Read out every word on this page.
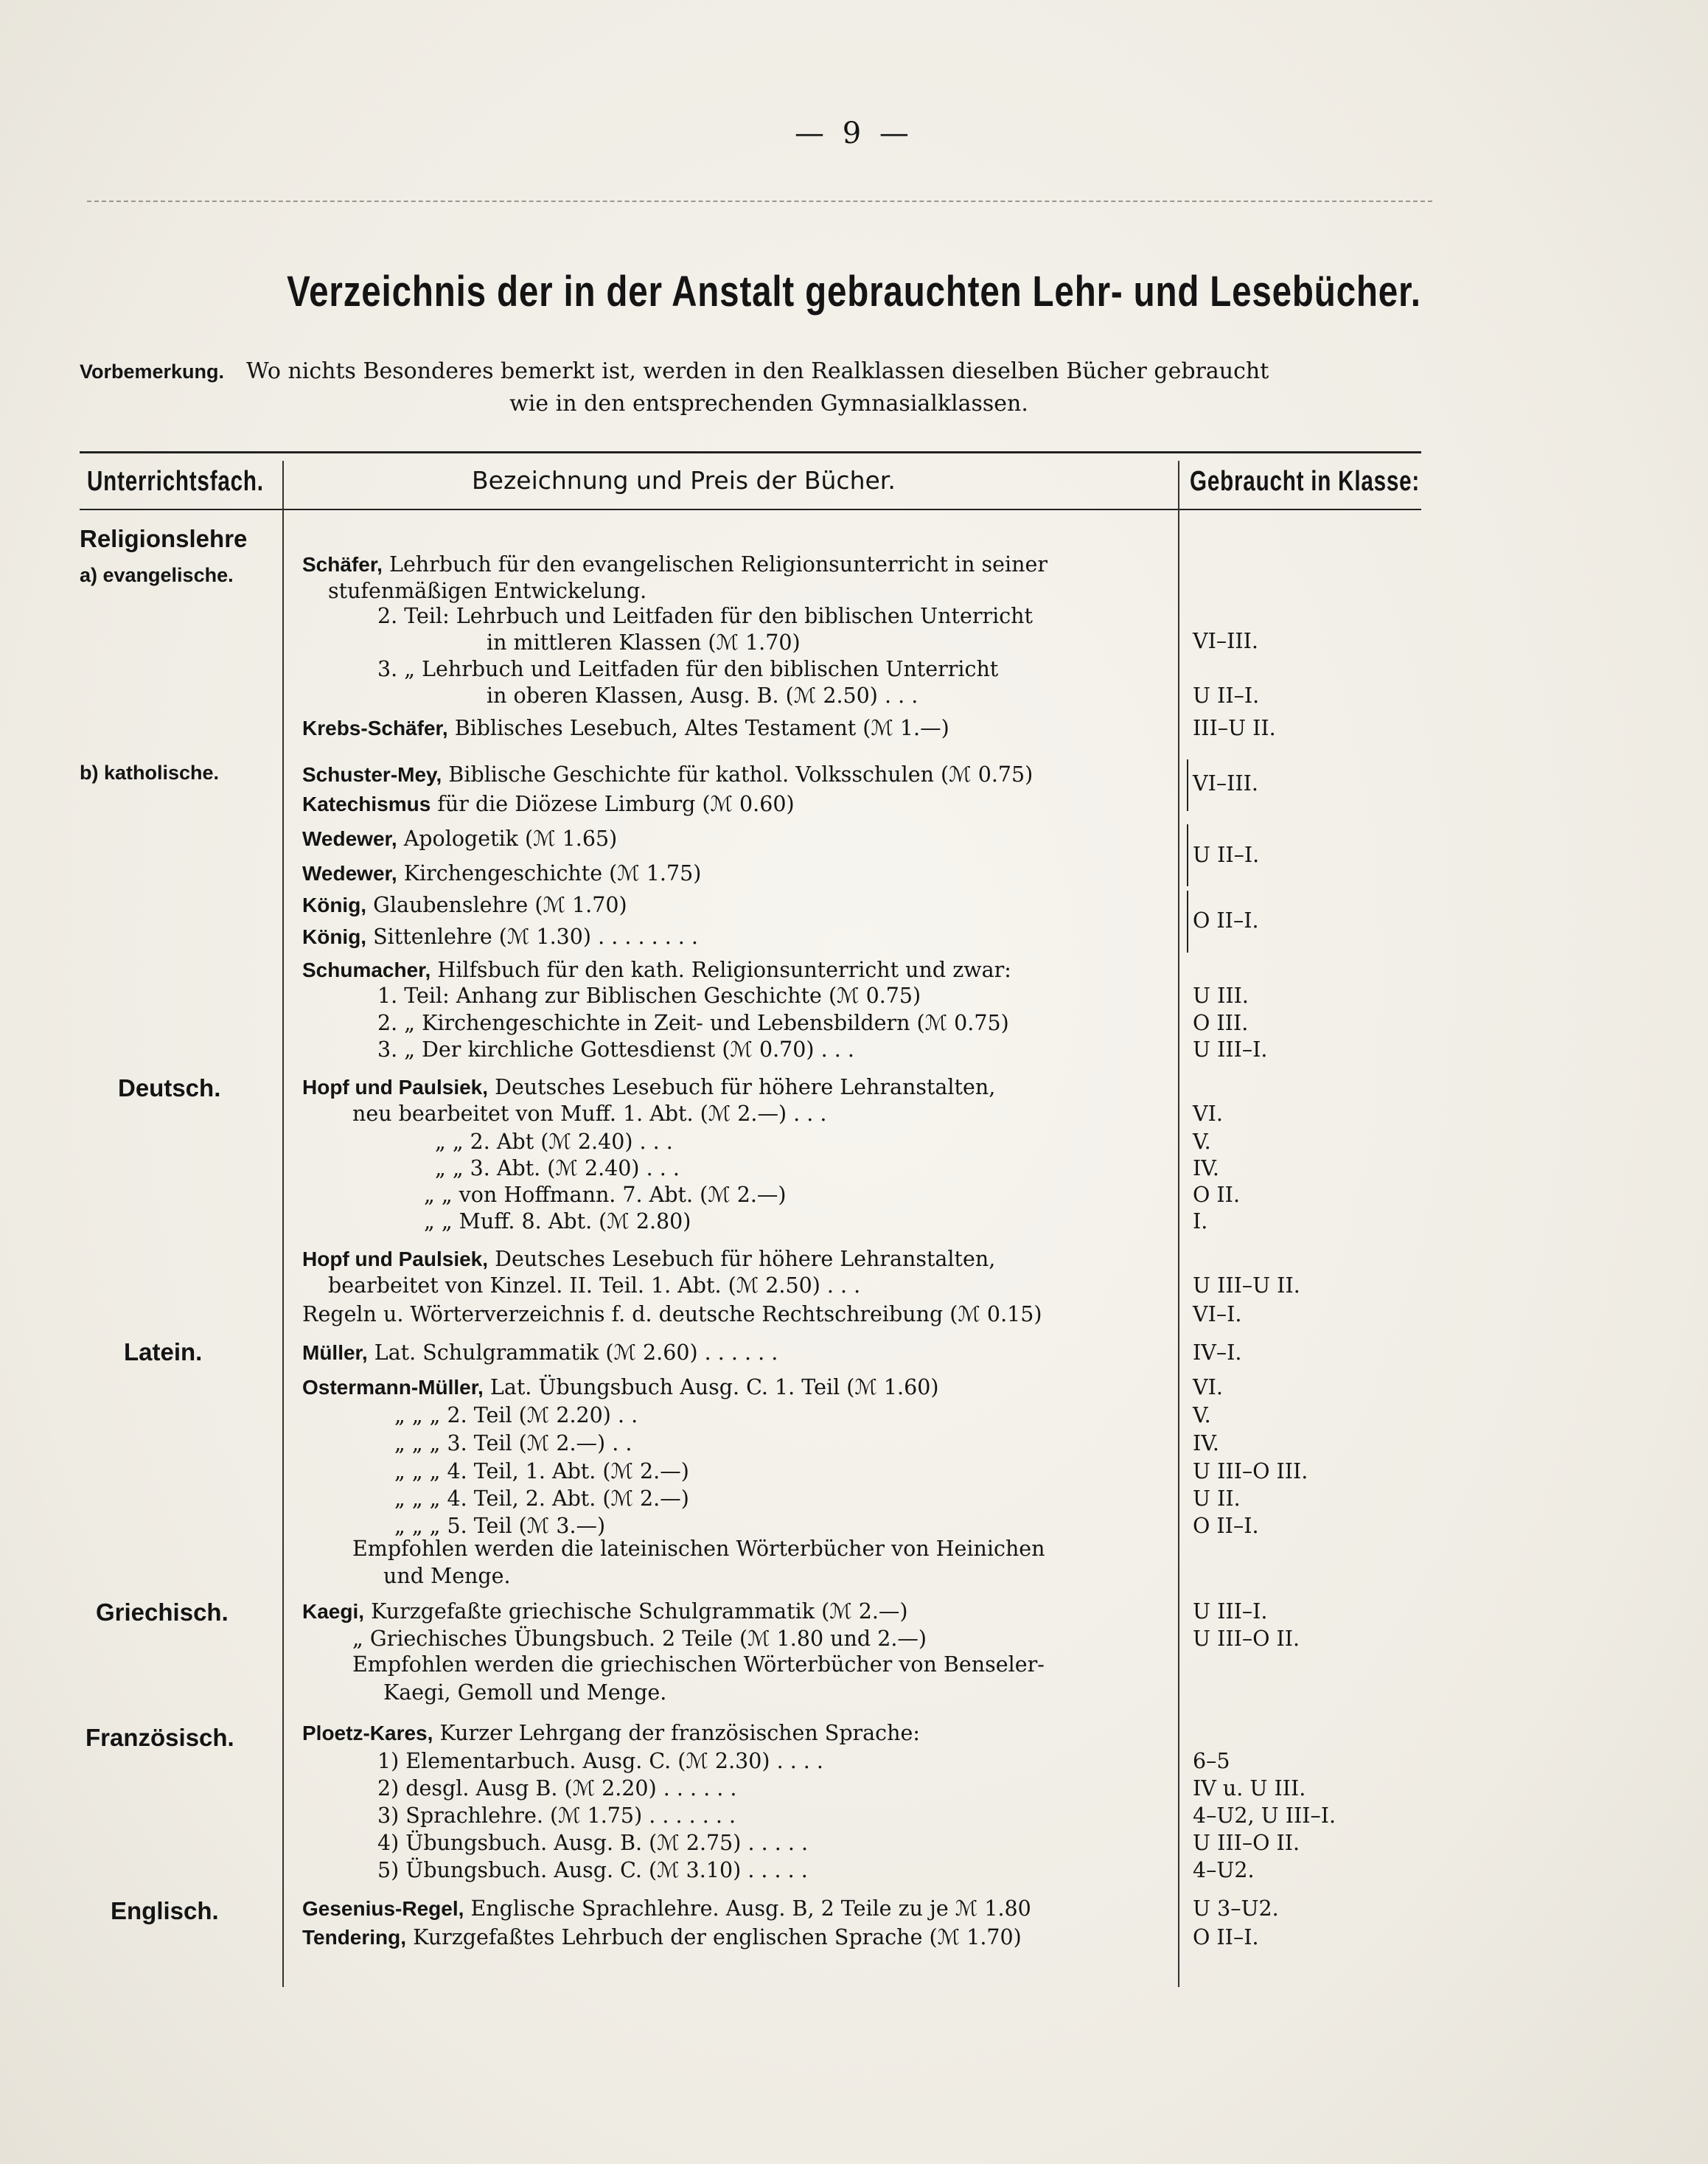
— 9 —
Verzeichnis der in der Anstalt gebrauchten Lehr- und Lesebücher.
Vorbemerkung. Wo nichts Besonderes bemerkt ist, werden in den Realklassen dieselben Bücher gebraucht
wie in den entsprechenden Gymnasialklassen.
Unterrichtsfach.	Bezeichnung und Preis der Bücher.	Gebraucht in Klasse:
Religionslehre
a) evangelische.
b) katholische.
Deutsch.
Latein.
Griechisch.
Französisch.
Englisch.
Schäfer, Lehrbuch für den evangelischen Religionsunterricht in seiner
stufenmäßigen Entwickelung.
2. Teil: Lehrbuch und Leitfaden für den biblischen Unterricht
in mittleren Klassen (ℳ 1.70)
3. „ Lehrbuch und Leitfaden für den biblischen Unterricht
in oberen Klassen, Ausg. B. (ℳ 2.50) . . .
Krebs-Schäfer, Biblisches Lesebuch, Altes Testament (ℳ 1.—)
Schuster-Mey, Biblische Geschichte für kathol. Volksschulen (ℳ 0.75)
Katechismus für die Diözese Limburg (ℳ 0.60)
Wedewer, Apologetik (ℳ 1.65)
Wedewer, Kirchengeschichte (ℳ 1.75)
König, Glaubenslehre (ℳ 1.70)
König, Sittenlehre (ℳ 1.30) . . . . . . . .
Schumacher, Hilfsbuch für den kath. Religionsunterricht und zwar:
1. Teil: Anhang zur Biblischen Geschichte (ℳ 0.75)
2. „ Kirchengeschichte in Zeit- und Lebensbildern (ℳ 0.75)
3. „ Der kirchliche Gottesdienst (ℳ 0.70) . . .
Hopf und Paulsiek, Deutsches Lesebuch für höhere Lehranstalten,
neu bearbeitet von Muff. 1. Abt. (ℳ 2.—) . . .
„ „ 2. Abt (ℳ 2.40) . . .
„ „ 3. Abt. (ℳ 2.40) . . .
„ „ von Hoffmann. 7. Abt. (ℳ 2.—)
„ „ Muff. 8. Abt. (ℳ 2.80)
Hopf und Paulsiek, Deutsches Lesebuch für höhere Lehranstalten,
bearbeitet von Kinzel. II. Teil. 1. Abt. (ℳ 2.50) . . .
Regeln u. Wörterverzeichnis f. d. deutsche Rechtschreibung (ℳ 0.15)
Müller, Lat. Schulgrammatik (ℳ 2.60) . . . . . .
Ostermann-Müller, Lat. Übungsbuch Ausg. C. 1. Teil (ℳ 1.60)
„ „ „ 2. Teil (ℳ 2.20) . .
„ „ „ 3. Teil (ℳ 2.—) . .
„ „ „ 4. Teil, 1. Abt. (ℳ 2.—)
„ „ „ 4. Teil, 2. Abt. (ℳ 2.—)
„ „ „ 5. Teil (ℳ 3.—)
Empfohlen werden die lateinischen Wörterbücher von Heinichen
und Menge.
Kaegi, Kurzgefaßte griechische Schulgrammatik (ℳ 2.—)
„ Griechisches Übungsbuch. 2 Teile (ℳ 1.80 und 2.—)
Empfohlen werden die griechischen Wörterbücher von Benseler-
Kaegi, Gemoll und Menge.
Ploetz-Kares, Kurzer Lehrgang der französischen Sprache:
1) Elementarbuch. Ausg. C. (ℳ 2.30) . . . .
2) desgl. Ausg B. (ℳ 2.20) . . . . . .
3) Sprachlehre. (ℳ 1.75) . . . . . . .
4) Übungsbuch. Ausg. B. (ℳ 2.75) . . . . .
5) Übungsbuch. Ausg. C. (ℳ 3.10) . . . . .
Gesenius-Regel, Englische Sprachlehre. Ausg. B, 2 Teile zu je ℳ 1.80
Tendering, Kurzgefaßtes Lehrbuch der englischen Sprache (ℳ 1.70)
VI–III.
U II–I.
III–U II.
VI–III.
U II–I.
O II–I.
U III.
O III.
U III–I.
VI.
V.
IV.
O II.
I.
U III–U II.
VI–I.
IV–I.
VI.
V.
IV.
U III–O III.
U II.
O II–I.
U III–I.
U III–O II.
6–5
IV u. U III.
4–U2, U III–I.
U III–O II.
4–U2.
U 3–U2.
O II–I.
